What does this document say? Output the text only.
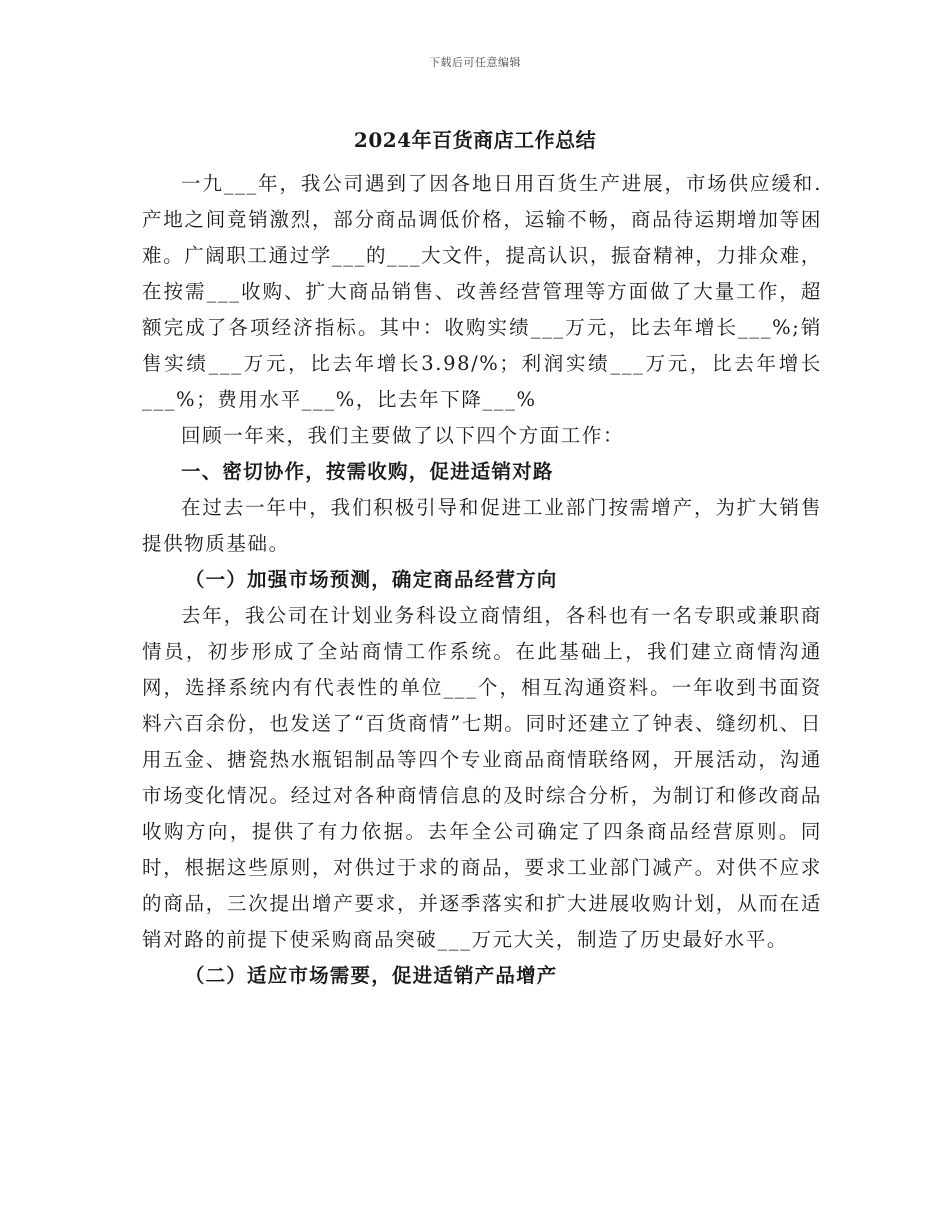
下载后可任意编辑
2024年百货商店工作总结

一九___年，我公司遇到了因各地日用百货生产进展，市场供应缓和.产地之间竟销激烈，部分商品调低价格，运输不畅，商品待运期增加等困难。广阔职工通过学___的___大文件，提高认识，振奋精神，力排众难，在按需___收购、扩大商品销售、改善经营管理等方面做了大量工作，超额完成了各项经济指标。其中：收购实绩___万元，比去年增长___%;销售实绩___万元，比去年增长3.98/%；利润实绩___万元，比去年增长___%；费用水平___%，比去年下降___%

回顾一年来，我们主要做了以下四个方面工作：

一、密切协作，按需收购，促进适销对路

在过去一年中，我们积极引导和促进工业部门按需增产，为扩大销售提供物质基础。

（一）加强市场预测，确定商品经营方向

去年，我公司在计划业务科设立商情组，各科也有一名专职或兼职商情员，初步形成了全站商情工作系统。在此基础上，我们建立商情沟通网，选择系统内有代表性的单位___个，相互沟通资料。一年收到书面资料六百余份，也发送了“百货商情”七期。同时还建立了钟表、缝纫机、日用五金、搪瓷热水瓶铝制品等四个专业商品商情联络网，开展活动，沟通市场变化情况。经过对各种商情信息的及时综合分析，为制订和修改商品收购方向，提供了有力依据。去年全公司确定了四条商品经营原则。同时，根据这些原则，对供过于求的商品，要求工业部门减产。对供不应求的商品，三次提出增产要求，并逐季落实和扩大进展收购计划，从而在适销对路的前提下使采购商品突破___万元大关，制造了历史最好水平。

（二）适应市场需要，促进适销产品增产
